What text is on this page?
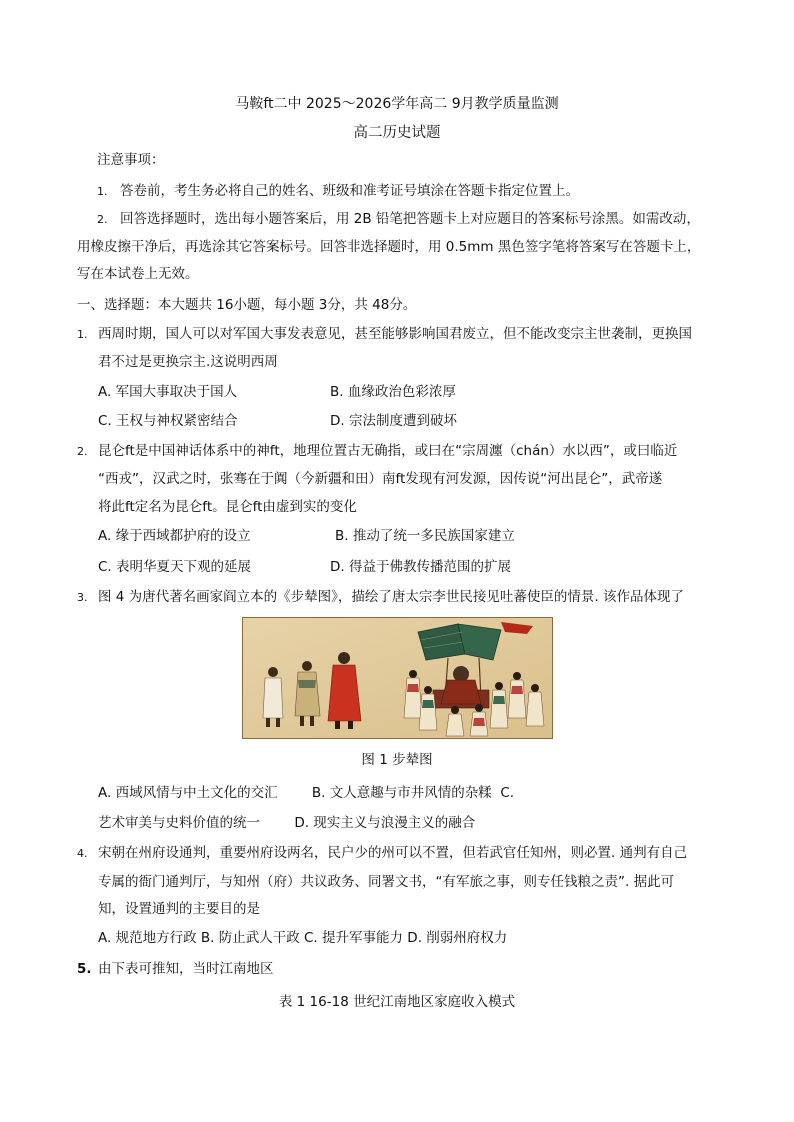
马鞍ft二中 2025～2026学年高二 9月教学质量监测
高二历史试题
注意事项：
1. 答卷前，考生务必将自己的姓名、班级和准考证号填涂在答题卡指定位置上。
2. 回答选择题时，选出每小题答案后，用 2B 铅笔把答题卡上对应题目的答案标号涂黑。如需改动，
用橡皮擦干净后，再选涂其它答案标号。回答非选择题时，用 0.5mm 黑色签字笔将答案写在答题卡上，
写在本试卷上无效。
一、选择题：本大题共 16小题，每小题 3分，共 48分。
1. 西周时期，国人可以对军国大事发表意见，甚至能够影响国君废立，但不能改变宗主世袭制，更换国
君不过是更换宗主.这说明西周
A. 军国大事取决于国人	B. 血缘政治色彩浓厚
C. 王权与神权紧密结合	D. 宗法制度遭到破坏
2. 昆仑ft是中国神话体系中的神ft，地理位置古无确指，或曰在“宗周瀍（chán）水以西”，或曰临近
“西戎”，汉武之时，张骞在于阗（今新疆和田）南ft发现有河发源，因传说“河出昆仑”，武帝遂
将此ft定名为昆仑ft。昆仑ft由虚到实的变化
A. 缘于西域都护府的设立	B. 推动了统一多民族国家建立
C. 表明华夏天下观的延展	D. 得益于佛教传播范围的扩展
3. 图 4 为唐代著名画家阎立本的《步辇图》，描绘了唐太宗李世民接见吐蕃使臣的情景. 该作品体现了
图 1 步辇图
A. 西域风情与中土文化的交汇        B. 文人意趣与市井风情的杂糅  C.
艺术审美与史料价值的统一        D. 现实主义与浪漫主义的融合
4. 宋朝在州府设通判，重要州府设两名，民户少的州可以不置，但若武官任知州，则必置. 通判有自己
专属的衙门通判厅，与知州（府）共议政务、同署文书，“有军旅之事，则专任钱粮之责”. 据此可
知，设置通判的主要目的是
A. 规范地方行政 B. 防止武人干政 C. 提升军事能力 D. 削弱州府权力
5. 由下表可推知，当时江南地区
表 1 16-18 世纪江南地区家庭收入模式
